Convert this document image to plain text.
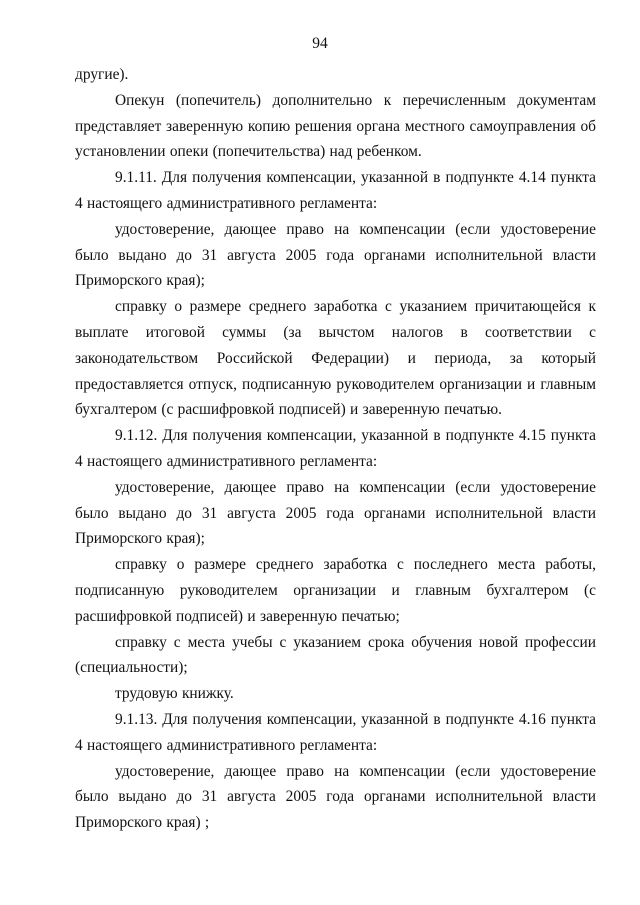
94

другие).

Опекун (попечитель) дополнительно к перечисленным документам представляет заверенную копию решения органа местного самоуправления об установлении опеки (попечительства) над ребенком.

9.1.11. Для получения компенсации, указанной в подпункте 4.14 пункта 4 настоящего административного регламента:

удостоверение, дающее право на компенсации (если удостоверение было выдано до 31 августа 2005 года органами исполнительной власти Приморского края);

справку о размере среднего заработка с указанием причитающейся к выплате итоговой суммы (за вычстом налогов в соответствии с законодательством Российской Федерации) и периода, за который предоставляется отпуск, подписанную руководителем организации и главным бухгалтером (с расшифровкой подписей) и заверенную печатью.

9.1.12. Для получения компенсации, указанной в подпункте 4.15 пункта 4 настоящего административного регламента:

удостоверение, дающее право на компенсации (если удостоверение было выдано до 31 августа 2005 года органами исполнительной власти Приморского края);

справку о размере среднего заработка с последнего места работы, подписанную руководителем организации и главным бухгалтером (с расшифровкой подписей) и заверенную печатью;

справку с места учебы с указанием срока обучения новой профессии (специальности);

трудовую книжку.

9.1.13. Для получения компенсации, указанной в подпункте 4.16 пункта 4 настоящего административного регламента:

удостоверение, дающее право на компенсации (если удостоверение было выдано до 31 августа 2005 года органами исполнительной власти Приморского края) ;
